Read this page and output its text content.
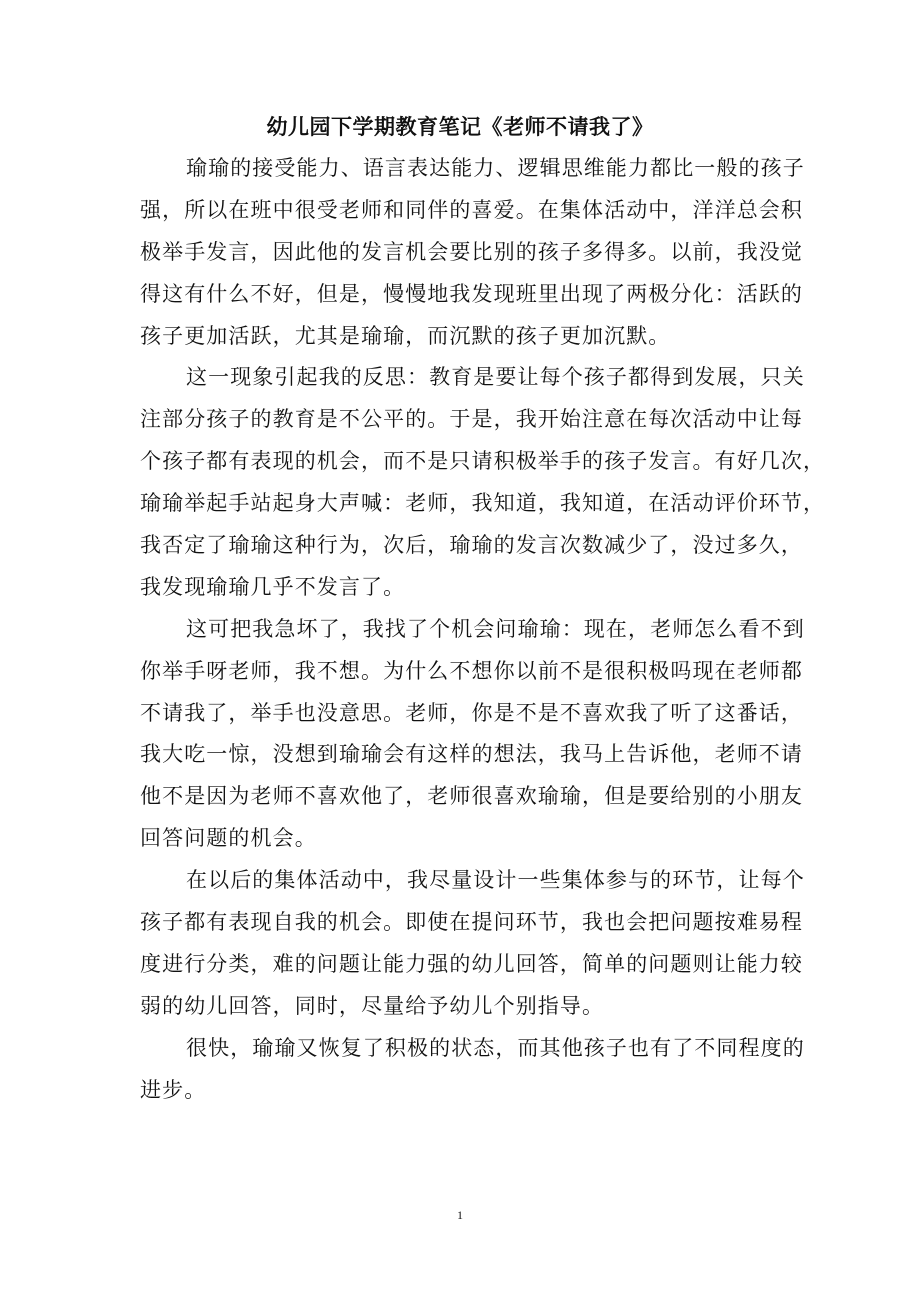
幼儿园下学期教育笔记《老师不请我了》
瑜瑜的接受能力、语言表达能力、逻辑思维能力都比一般的孩子
强，所以在班中很受老师和同伴的喜爱。在集体活动中，洋洋总会积
极举手发言，因此他的发言机会要比别的孩子多得多。以前，我没觉
得这有什么不好，但是，慢慢地我发现班里出现了两极分化：活跃的
孩子更加活跃，尤其是瑜瑜，而沉默的孩子更加沉默。
这一现象引起我的反思：教育是要让每个孩子都得到发展，只关
注部分孩子的教育是不公平的。于是，我开始注意在每次活动中让每
个孩子都有表现的机会，而不是只请积极举手的孩子发言。有好几次，
瑜瑜举起手站起身大声喊：老师，我知道，我知道，在活动评价环节，
我否定了瑜瑜这种行为，次后，瑜瑜的发言次数减少了，没过多久，
我发现瑜瑜几乎不发言了。
这可把我急坏了，我找了个机会问瑜瑜：现在，老师怎么看不到
你举手呀老师，我不想。为什么不想你以前不是很积极吗现在老师都
不请我了，举手也没意思。老师，你是不是不喜欢我了听了这番话，
我大吃一惊，没想到瑜瑜会有这样的想法，我马上告诉他，老师不请
他不是因为老师不喜欢他了，老师很喜欢瑜瑜，但是要给别的小朋友
回答问题的机会。
在以后的集体活动中，我尽量设计一些集体参与的环节，让每个
孩子都有表现自我的机会。即使在提问环节，我也会把问题按难易程
度进行分类，难的问题让能力强的幼儿回答，简单的问题则让能力较
弱的幼儿回答，同时，尽量给予幼儿个别指导。
很快，瑜瑜又恢复了积极的状态，而其他孩子也有了不同程度的
进步。
1
